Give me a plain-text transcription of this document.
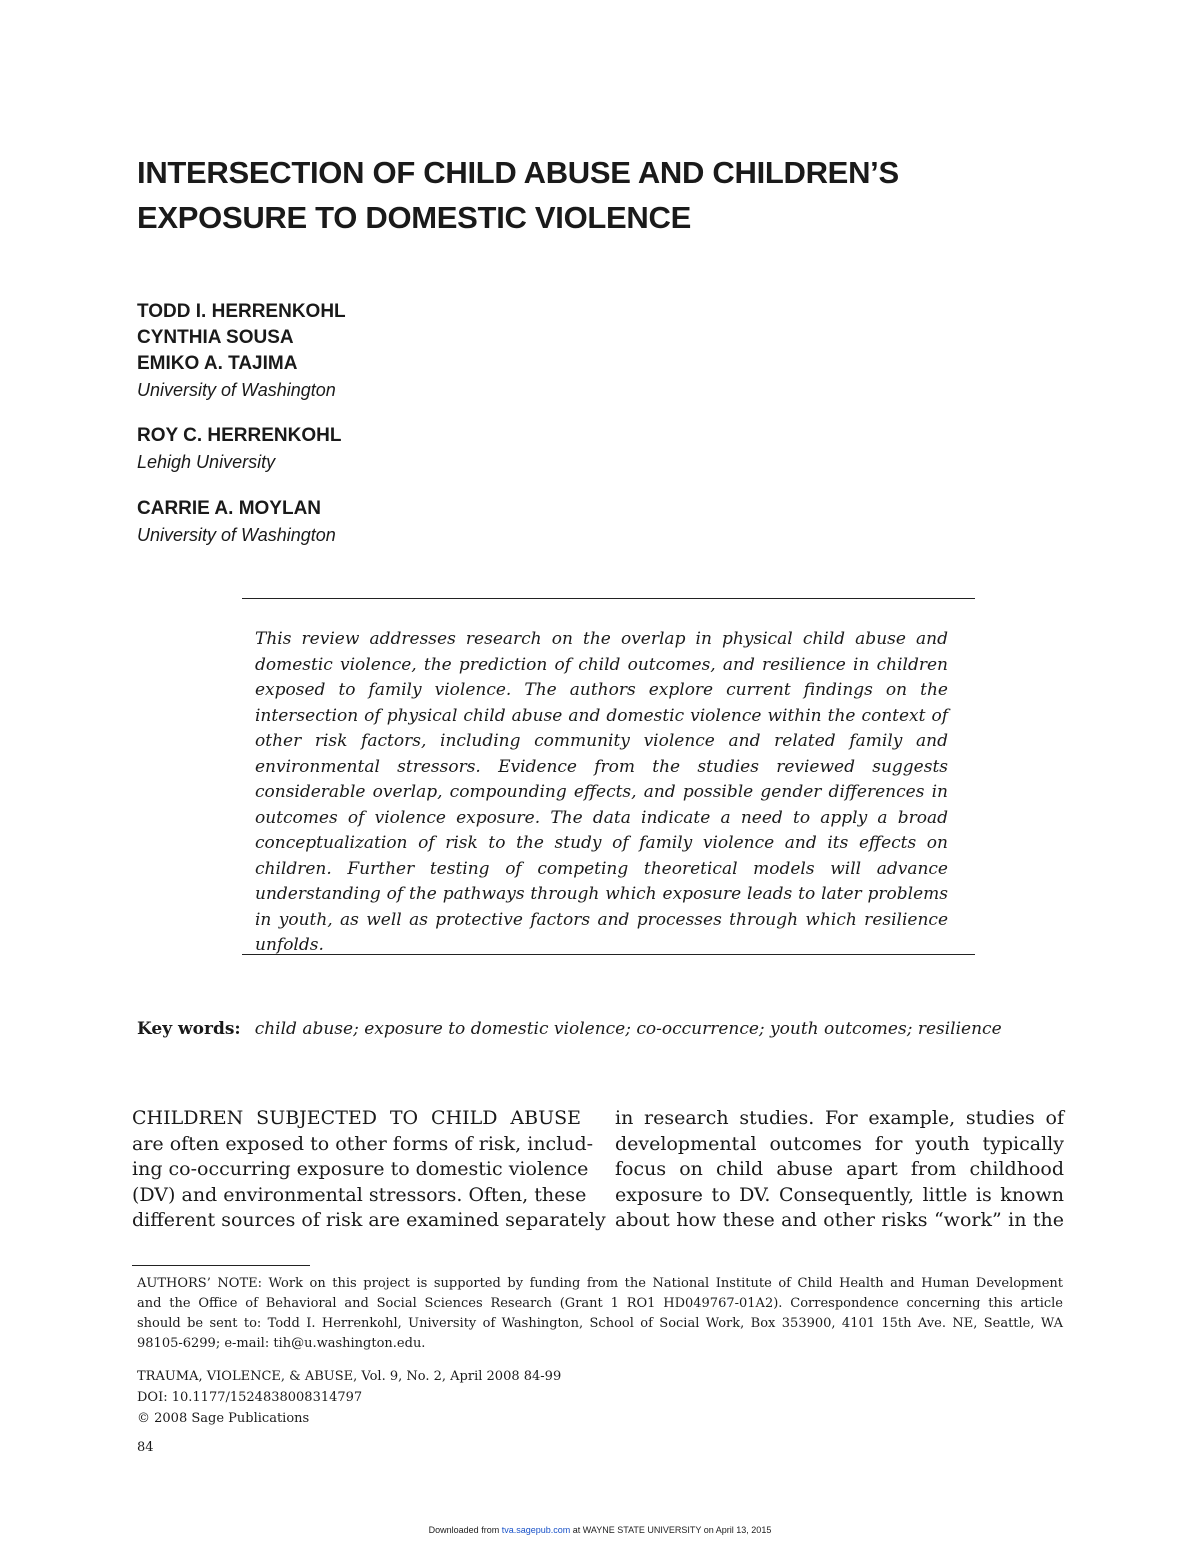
INTERSECTION OF CHILD ABUSE AND CHILDREN’S
EXPOSURE TO DOMESTIC VIOLENCE
TODD I. HERRENKOHL
CYNTHIA SOUSA
EMIKO A. TAJIMA
University of Washington
ROY C. HERRENKOHL
Lehigh University
CARRIE A. MOYLAN
University of Washington
This review addresses research on the overlap in physical child abuse and domestic violence, the prediction of child outcomes, and resilience in children exposed to family violence. The authors explore current findings on the intersection of physical child abuse and domestic violence within the context of other risk factors, including community violence and related family and environmental stressors. Evidence from the studies reviewed suggests considerable overlap, compounding effects, and possible gender differences in outcomes of violence exposure. The data indicate a need to apply a broad conceptualization of risk to the study of family violence and its effects on children. Further testing of competing theoretical models will advance understanding of the pathways through which exposure leads to later problems in youth, as well as protective factors and processes through which resilience unfolds.
Key words: child abuse; exposure to domestic violence; co-occurrence; youth outcomes; resilience
CHILDREN SUBJECTED TO CHILD ABUSE
are often exposed to other forms of risk, includ-
ing co-occurring exposure to domestic violence
(DV) and environmental stressors. Often, these
different sources of risk are examined separately
in research studies. For example, studies of
developmental outcomes for youth typically
focus on child abuse apart from childhood
exposure to DV. Consequently, little is known
about how these and other risks “work” in the
AUTHORS’ NOTE: Work on this project is supported by funding from the National Institute of Child Health and Human Development
and the Office of Behavioral and Social Sciences Research (Grant 1 RO1 HD049767-01A2). Correspondence concerning this article
should be sent to: Todd I. Herrenkohl, University of Washington, School of Social Work, Box 353900, 4101 15th Ave. NE, Seattle, WA
98105-6299; e-mail: tih@u.washington.edu.
TRAUMA, VIOLENCE, & ABUSE, Vol. 9, No. 2, April 2008 84-99
DOI: 10.1177/1524838008314797
© 2008 Sage Publications
84
Downloaded from tva.sagepub.com at WAYNE STATE UNIVERSITY on April 13, 2015
